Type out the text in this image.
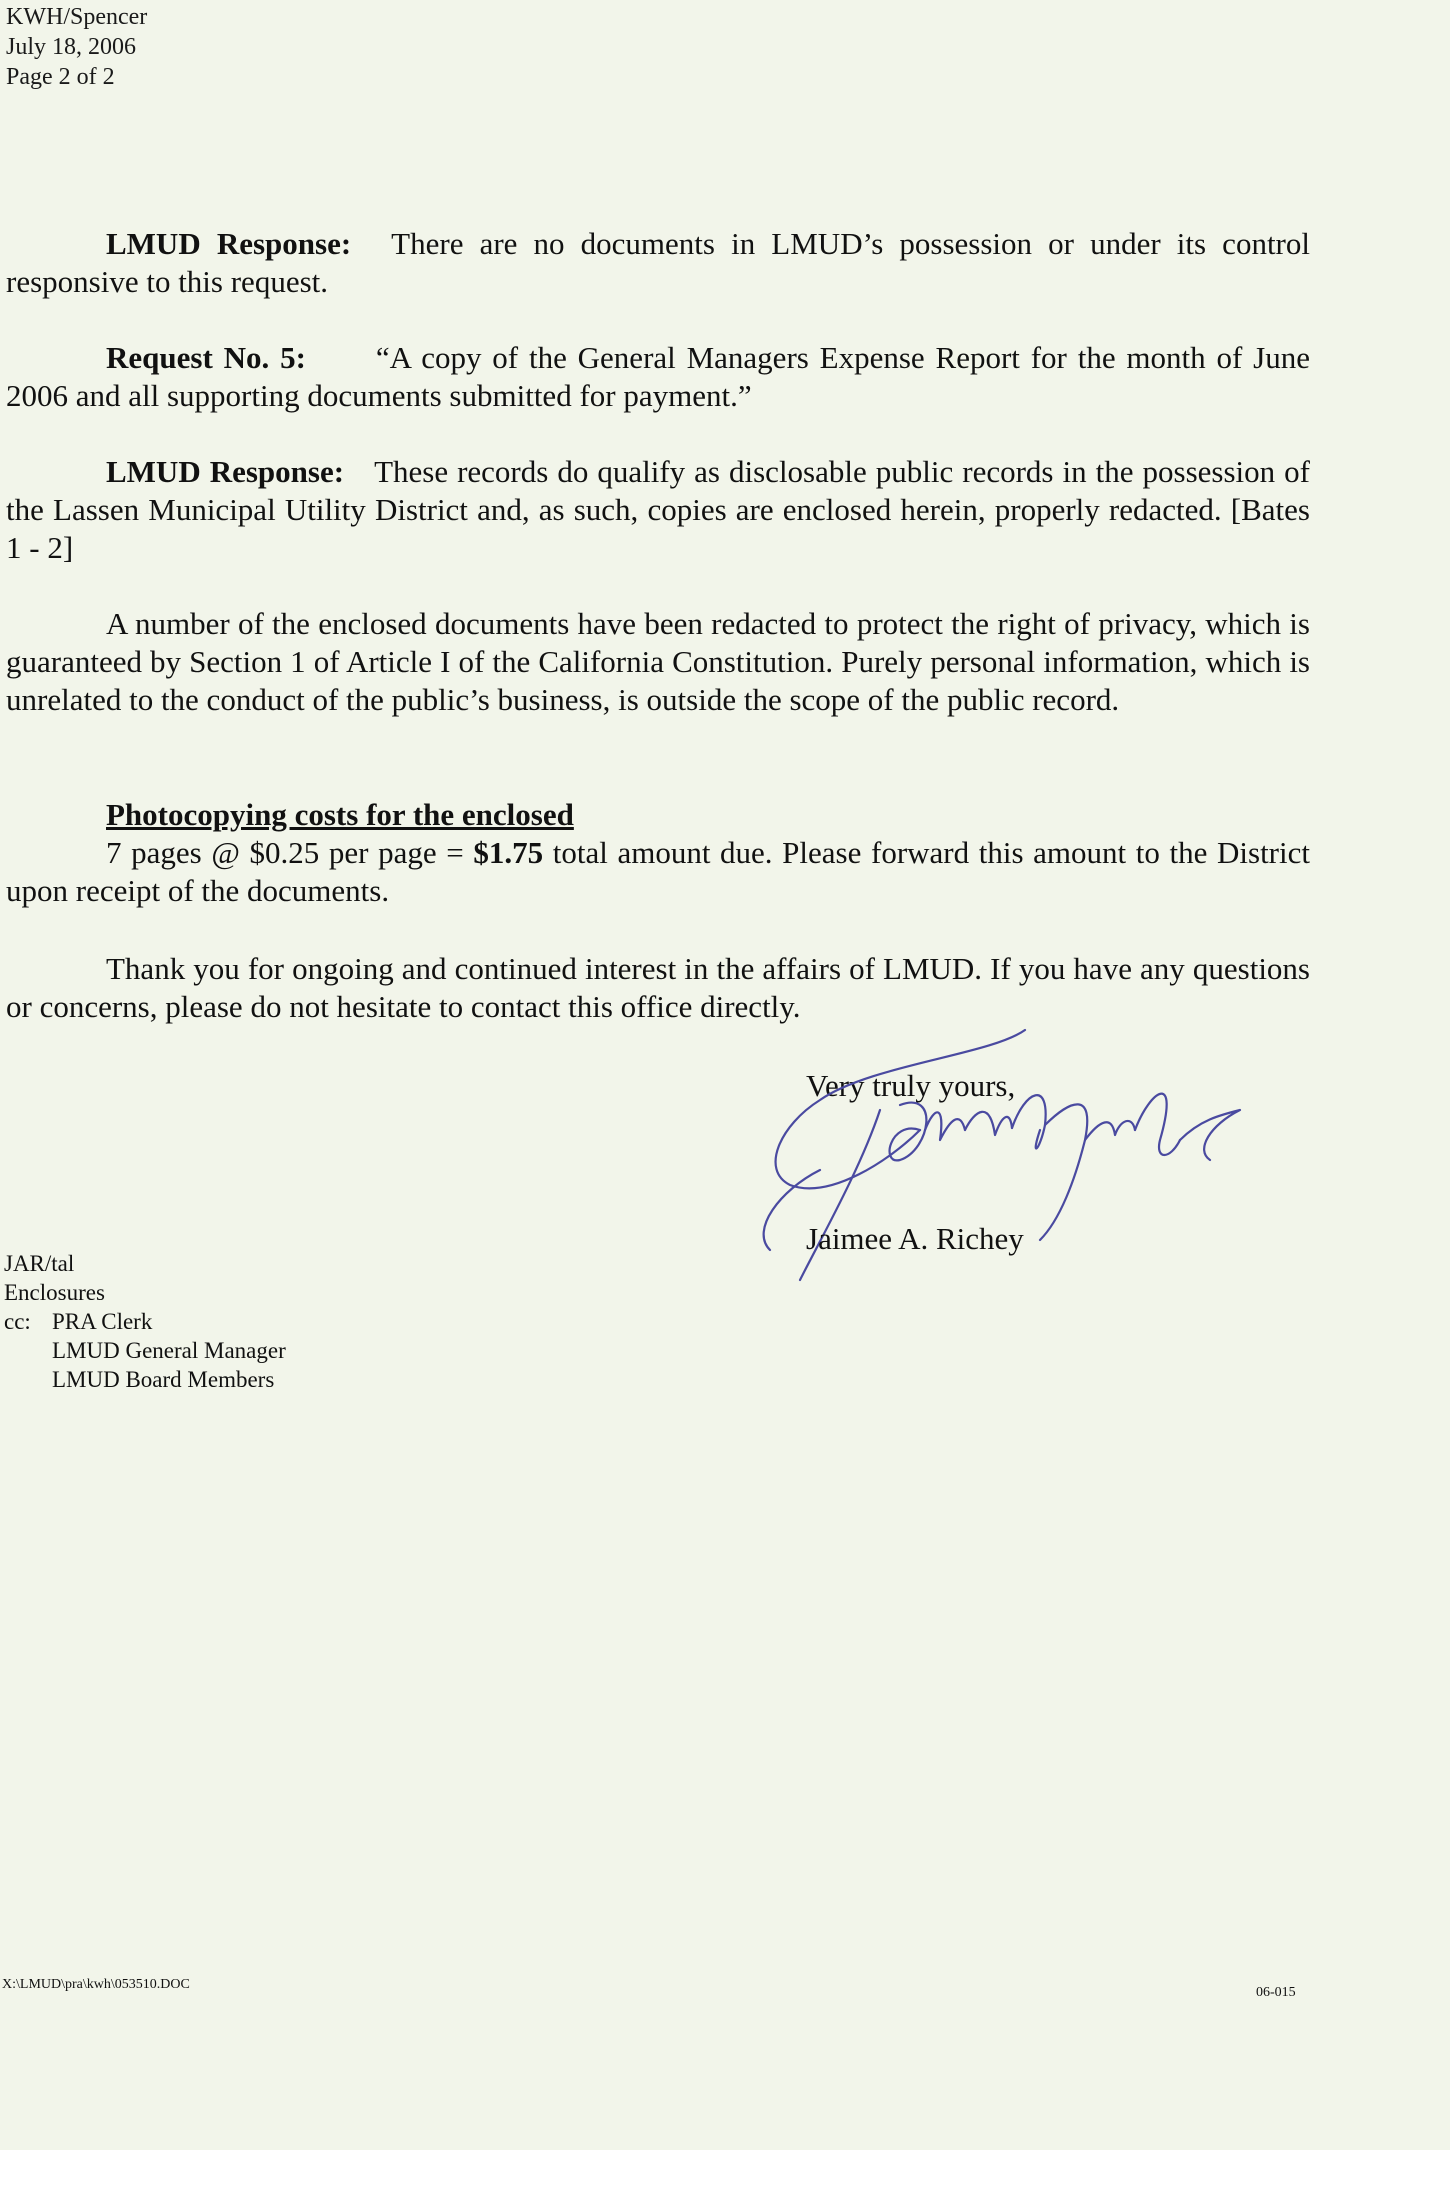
KWH/Spencer
July 18, 2006
Page 2 of 2
LMUD Response: There are no documents in LMUD’s possession or under its control responsive to this request.
Request No. 5: “A copy of the General Managers Expense Report for the month of June 2006 and all supporting documents submitted for payment.”
LMUD Response: These records do qualify as disclosable public records in the possession of the Lassen Municipal Utility District and, as such, copies are enclosed herein, properly redacted. [Bates 1 - 2]
A number of the enclosed documents have been redacted to protect the right of privacy, which is guaranteed by Section 1 of Article I of the California Constitution. Purely personal information, which is unrelated to the conduct of the public’s business, is outside the scope of the public record.
Photocopying costs for the enclosed
7 pages @ $0.25 per page = $1.75 total amount due. Please forward this amount to the District upon receipt of the documents.
Thank you for ongoing and continued interest in the affairs of LMUD. If you have any questions or concerns, please do not hesitate to contact this office directly.
Very truly yours,
Jaimee A. Richey
JAR/tal
Enclosures
cc: PRA Clerk
LMUD General Manager
LMUD Board Members
X:\LMUD\pra\kwh\053510.DOC
06-015
